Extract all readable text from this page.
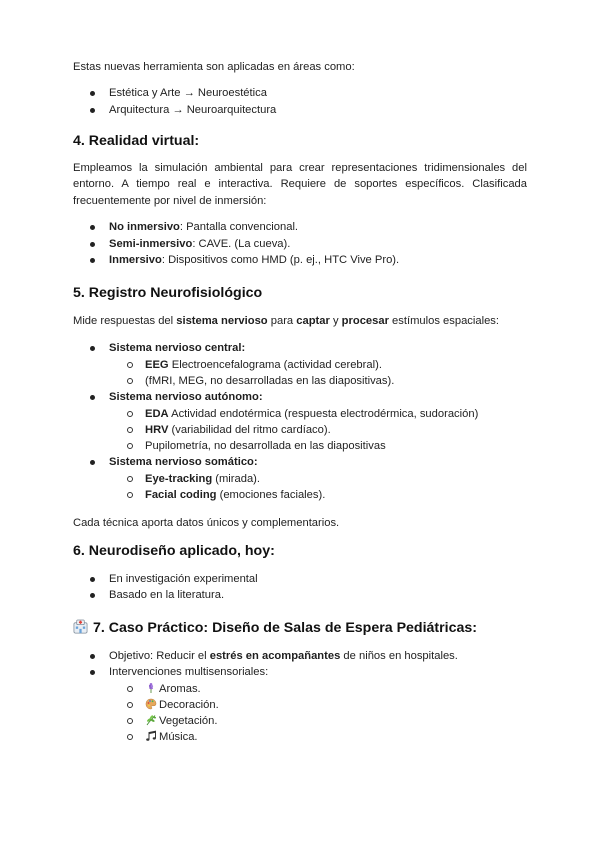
Estas nuevas herramienta son aplicadas en áreas como:

Estética y Arte → Neuroestética
Arquitectura → Neuroarquitectura
4. Realidad virtual:

Empleamos la simulación ambiental para crear representaciones tridimensionales del entorno. A tiempo real e interactiva. Requiere de soportes específicos. Clasificada frecuentemente por nivel de inmersión:

No inmersivo: Pantalla convencional.
Semi-inmersivo: CAVE. (La cueva).
Inmersivo: Dispositivos como HMD (p. ej., HTC Vive Pro).
5. Registro Neurofisiológico

Mide respuestas del sistema nervioso para captar y procesar estímulos espaciales:

Sistema nervioso central:
EEG Electroencefalograma (actividad cerebral).
(fMRI, MEG, no desarrolladas en las diapositivas).
Sistema nervioso autónomo:
EDA Actividad endotérmica (respuesta electrodérmica, sudoración)
HRV (variabilidad del ritmo cardíaco).
Pupilometría, no desarrollada en las diapositivas
Sistema nervioso somático:
Eye-tracking (mirada).
Facial coding (emociones faciales).

Cada técnica aporta datos únicos y complementarios.

6. Neurodiseño aplicado, hoy:
En investigación experimental
Basado en la literatura.
7. Caso Práctico: Diseño de Salas de Espera Pediátricas:
Objetivo: Reducir el estrés en acompañantes de niños en hospitales.
Intervenciones multisensoriales:
Aromas.
Decoración.
Vegetación.
Música.
